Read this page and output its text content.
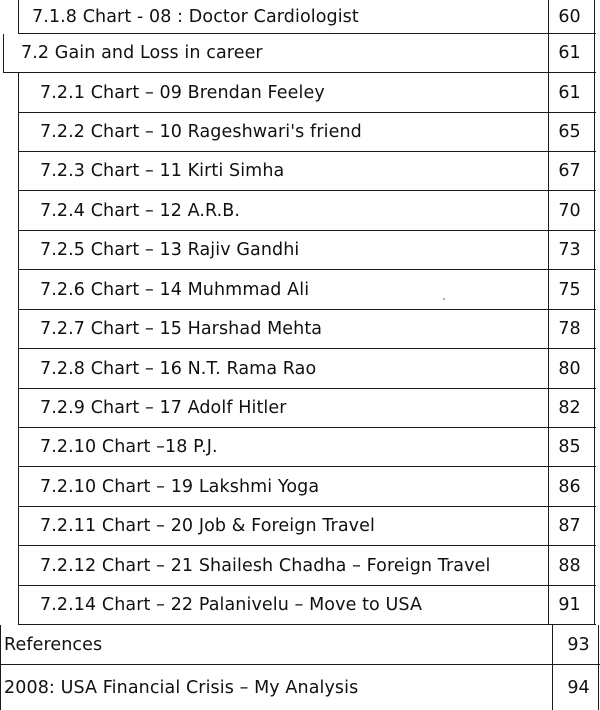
7.1.8 Chart - 08 : Doctor Cardiologist	60
7.2 Gain and Loss in career	61
7.2.1 Chart – 09 Brendan Feeley	61
7.2.2 Chart – 10 Rageshwari's friend	65
7.2.3 Chart – 11 Kirti Simha	67
7.2.4 Chart – 12 A.R.B.	70
7.2.5 Chart – 13 Rajiv Gandhi	73
7.2.6 Chart – 14 Muhmmad Ali	75
7.2.7 Chart – 15 Harshad Mehta	78
7.2.8 Chart – 16 N.T. Rama Rao	80
7.2.9 Chart – 17 Adolf Hitler	82
7.2.10 Chart –18 P.J.	85
7.2.10 Chart – 19 Lakshmi Yoga	86
7.2.11 Chart – 20 Job & Foreign Travel	87
7.2.12 Chart – 21 Shailesh Chadha – Foreign Travel	88
7.2.14 Chart – 22 Palanivelu – Move to USA	91
References	93
2008: USA Financial Crisis – My Analysis	94
